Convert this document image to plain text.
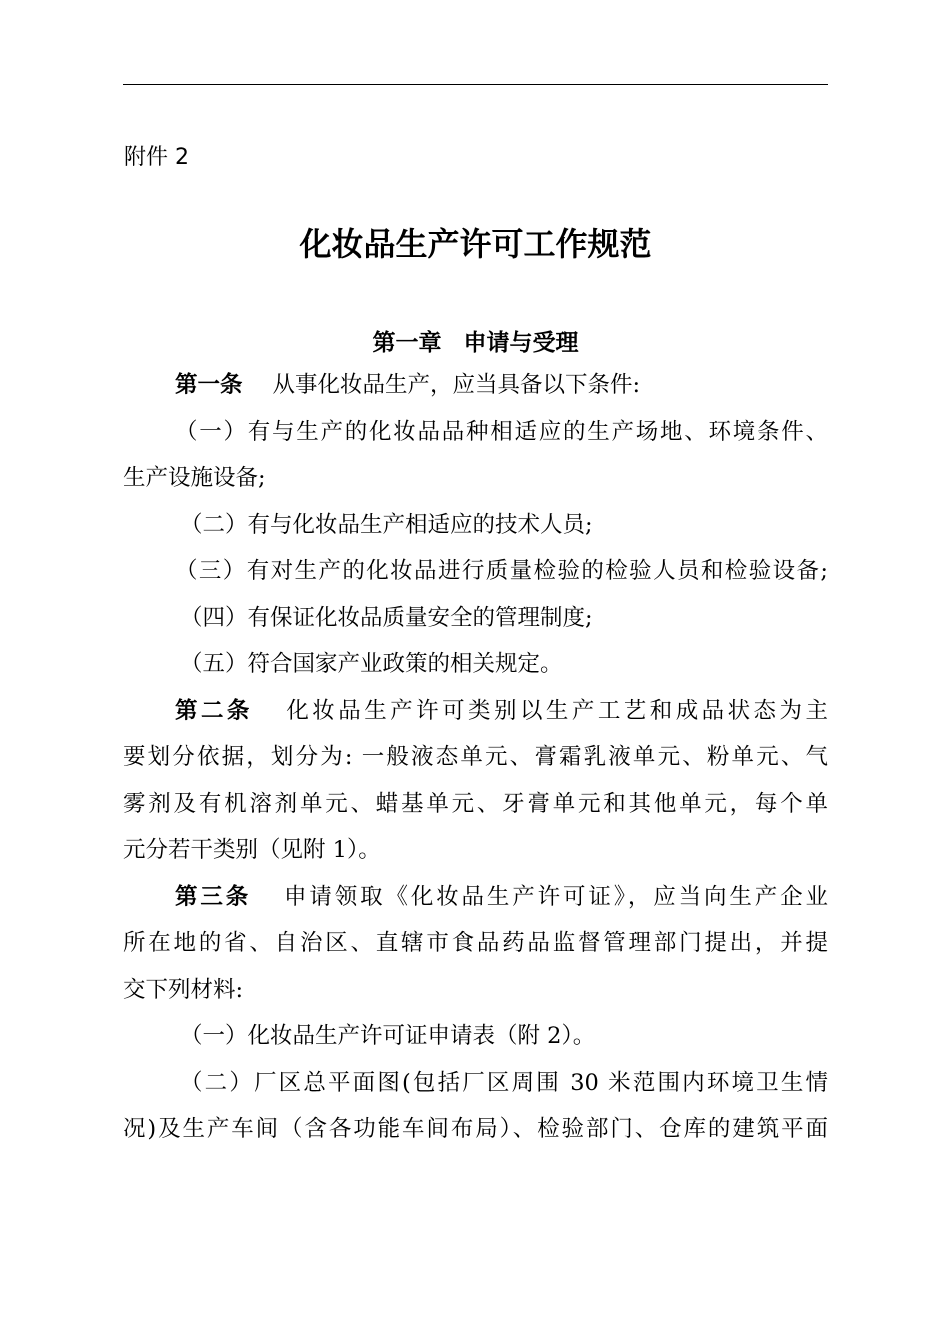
附件 2
化妆品生产许可工作规范
第一章 申请与受理
第一条 从事化妆品生产，应当具备以下条件:
（一）有与生产的化妆品品种相适应的生产场地、环境条件、
生产设施设备;
（二）有与化妆品生产相适应的技术人员;
（三）有对生产的化妆品进行质量检验的检验人员和检验设备;
（四）有保证化妆品质量安全的管理制度;
（五）符合国家产业政策的相关规定。
第二条 化妆品生产许可类别以生产工艺和成品状态为主
要划分依据，划分为: 一般液态单元、膏霜乳液单元、粉单元、气
雾剂及有机溶剂单元、蜡基单元、牙膏单元和其他单元，每个单
元分若干类别（见附 1）。
第三条 申请领取《化妆品生产许可证》，应当向生产企业
所在地的省、自治区、直辖市食品药品监督管理部门提出，并提
交下列材料:
（一）化妆品生产许可证申请表（附 2）。
（二）厂区总平面图(包括厂区周围 30 米范围内环境卫生情
况)及生产车间（含各功能车间布局）、检验部门、仓库的建筑平面
